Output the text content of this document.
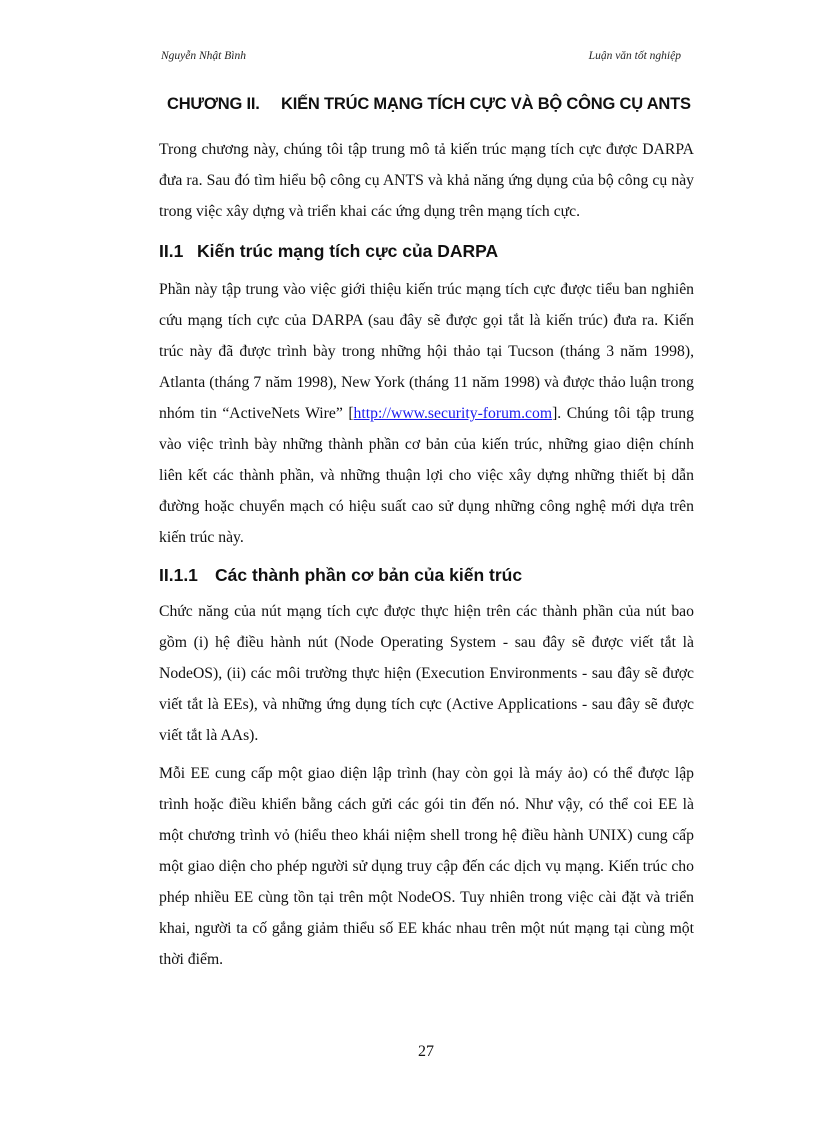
Nguyễn Nhật Bình	Luận văn tốt nghiệp
CHƯƠNG II. KIẾN TRÚC MẠNG TÍCH CỰC VÀ BỘ CÔNG CỤ ANTS

Trong chương này, chúng tôi tập trung mô tả kiến trúc mạng tích cực được DARPA đưa ra. Sau đó tìm hiểu bộ công cụ ANTS và khả năng ứng dụng của bộ công cụ này trong việc xây dựng và triển khai các ứng dụng trên mạng tích cực.

II.1 Kiến trúc mạng tích cực của DARPA

Phần này tập trung vào việc giới thiệu kiến trúc mạng tích cực được tiểu ban nghiên cứu mạng tích cực của DARPA (sau đây sẽ được gọi tắt là kiến trúc) đưa ra. Kiến trúc này đã được trình bày trong những hội thảo tại Tucson (tháng 3 năm 1998), Atlanta (tháng 7 năm 1998), New York (tháng 11 năm 1998) và được thảo luận trong nhóm tin “ActiveNets Wire” [http://www.security-forum.com]. Chúng tôi tập trung vào việc trình bày những thành phần cơ bản của kiến trúc, những giao diện chính liên kết các thành phần, và những thuận lợi cho việc xây dựng những thiết bị dẫn đường hoặc chuyển mạch có hiệu suất cao sử dụng những công nghệ mới dựa trên kiến trúc này.

II.1.1 Các thành phần cơ bản của kiến trúc

Chức năng của nút mạng tích cực được thực hiện trên các thành phần của nút bao gồm (i) hệ điều hành nút (Node Operating System - sau đây sẽ được viết tắt là NodeOS), (ii) các môi trường thực hiện (Execution Environments - sau đây sẽ được viết tắt là EEs), và những ứng dụng tích cực (Active Applications - sau đây sẽ được viết tắt là AAs).

Mỗi EE cung cấp một giao diện lập trình (hay còn gọi là máy ảo) có thể được lập trình hoặc điều khiển bằng cách gửi các gói tin đến nó. Như vậy, có thể coi EE là một chương trình vỏ (hiểu theo khái niệm shell trong hệ điều hành UNIX) cung cấp một giao diện cho phép người sử dụng truy cập đến các dịch vụ mạng. Kiến trúc cho phép nhiều EE cùng tồn tại trên một NodeOS. Tuy nhiên trong việc cài đặt và triển khai, người ta cố gắng giảm thiểu số EE khác nhau trên một nút mạng tại cùng một thời điểm.

27
